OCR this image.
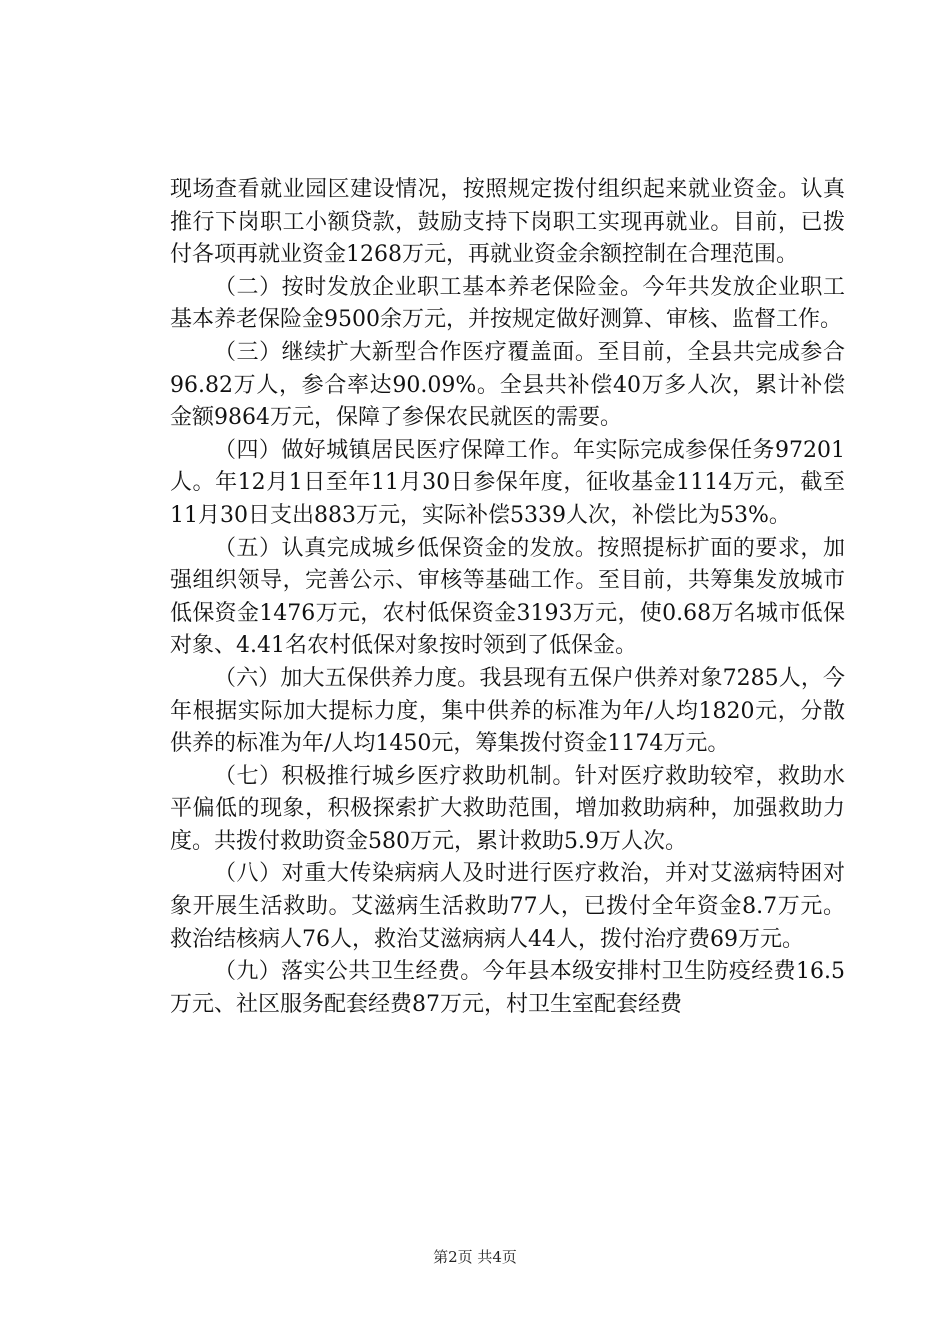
现场查看就业园区建设情况，按照规定拨付组织起来就业资金。认真推行下岗职工小额贷款，鼓励支持下岗职工实现再就业。目前，已拨付各项再就业资金1268万元，再就业资金余额控制在合理范围。

（二）按时发放企业职工基本养老保险金。今年共发放企业职工基本养老保险金9500余万元，并按规定做好测算、审核、监督工作。

（三）继续扩大新型合作医疗覆盖面。至目前，全县共完成参合96.82万人，参合率达90.09%。全县共补偿40万多人次，累计补偿金额9864万元，保障了参保农民就医的需要。

（四）做好城镇居民医疗保障工作。年实际完成参保任务97201人。年12月1日至年11月30日参保年度，征收基金1114万元，截至11月30日支出883万元，实际补偿5339人次，补偿比为53%。

（五）认真完成城乡低保资金的发放。按照提标扩面的要求，加强组织领导，完善公示、审核等基础工作。至目前，共筹集发放城市低保资金1476万元，农村低保资金3193万元，使0.68万名城市低保对象、4.41名农村低保对象按时领到了低保金。

（六）加大五保供养力度。我县现有五保户供养对象7285人，今年根据实际加大提标力度，集中供养的标准为年/人均1820元，分散供养的标准为年/人均1450元，筹集拨付资金1174万元。

（七）积极推行城乡医疗救助机制。针对医疗救助较窄，救助水平偏低的现象，积极探索扩大救助范围，增加救助病种，加强救助力度。共拨付救助资金580万元，累计救助5.9万人次。

（八）对重大传染病病人及时进行医疗救治，并对艾滋病特困对象开展生活救助。艾滋病生活救助77人，已拨付全年资金8.7万元。救治结核病人76人，救治艾滋病病人44人，拨付治疗费69万元。

（九）落实公共卫生经费。今年县本级安排村卫生防疫经费16.5万元、社区服务配套经费87万元，村卫生室配套经费

第2页 共4页
